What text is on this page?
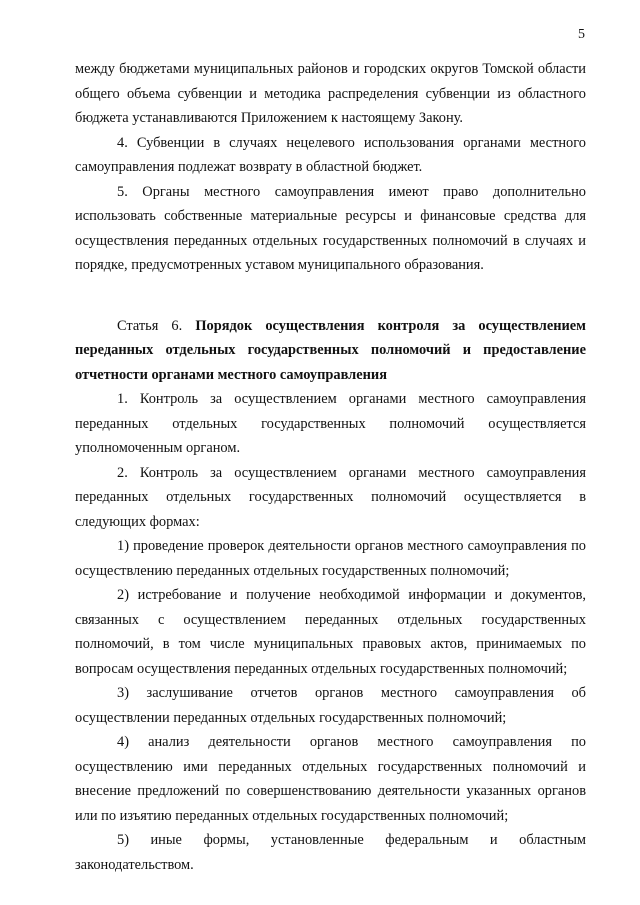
5

между бюджетами муниципальных районов и городских округов Томской области общего объема субвенции и методика распределения субвенции из областного бюджета устанавливаются Приложением к настоящему Закону.

4. Субвенции в случаях нецелевого использования органами местного самоуправления подлежат возврату в областной бюджет.

5. Органы местного самоуправления имеют право дополнительно использовать собственные материальные ресурсы и финансовые средства для осуществления переданных отдельных государственных полномочий в случаях и порядке, предусмотренных уставом муниципального образования.

Статья 6. Порядок осуществления контроля за осуществлением переданных отдельных государственных полномочий и предоставление отчетности органами местного самоуправления

1. Контроль за осуществлением органами местного самоуправления переданных отдельных государственных полномочий осуществляется уполномоченным органом.

2. Контроль за осуществлением органами местного самоуправления переданных отдельных государственных полномочий осуществляется в следующих формах:

1) проведение проверок деятельности органов местного самоуправления по осуществлению переданных отдельных государственных полномочий;

2) истребование и получение необходимой информации и документов, связанных с осуществлением переданных отдельных государственных полномочий, в том числе муниципальных правовых актов, принимаемых по вопросам осуществления переданных отдельных государственных полномочий;

3) заслушивание отчетов органов местного самоуправления об осуществлении переданных отдельных государственных полномочий;

4) анализ деятельности органов местного самоуправления по осуществлению ими переданных отдельных государственных полномочий и внесение предложений по совершенствованию деятельности указанных органов или по изъятию переданных отдельных государственных полномочий;

5) иные формы, установленные федеральным и областным законодательством.
